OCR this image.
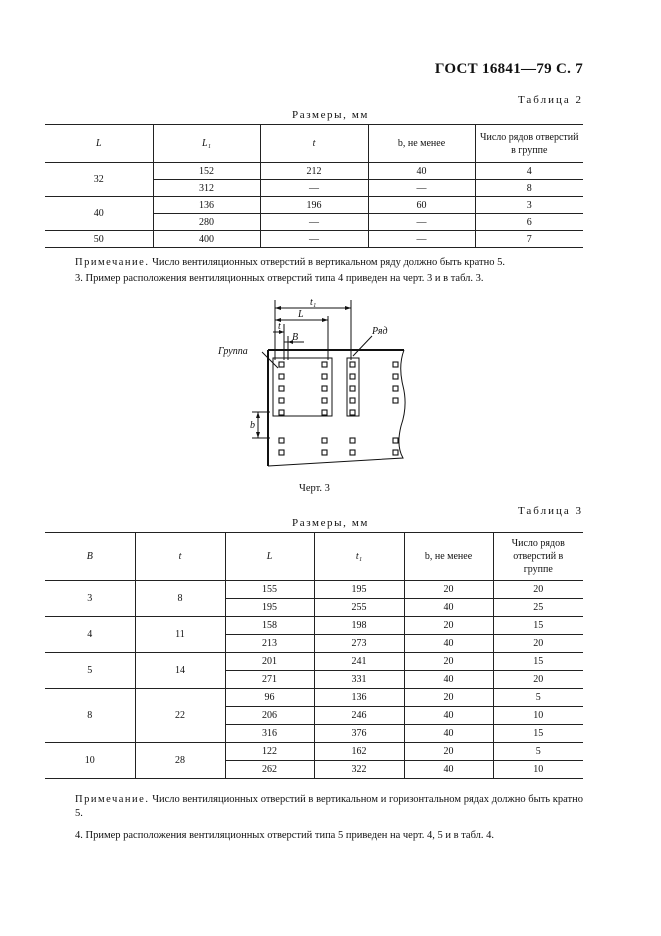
ГОСТ 16841—79 С. 7
Таблица 2
Размеры, мм
L	L₁	t	b, не менее	Число рядов отверстий в группе
32	152	212	40	4
	312	—	—	8
40	136	196	60	3
	280	—	—	6
50	400	—	—	7
Примечание. Число вентиляционных отверстий в вертикальном ряду должно быть кратно 5.
3. Пример расположения вентиляционных отверстий типа 4 приведен на черт. 3 и в табл. 3.
t₁
L
t
B
b
Группа
Ряд
Черт. 3
Таблица 3
Размеры, мм
B	t	L	t₁	b, не менее	Число рядов отверстий в группе
3	8	155	195	20	20
		195	255	40	25
4	11	158	198	20	15
		213	273	40	20
5	14	201	241	20	15
		271	331	40	20
8	22	96	136	20	5
		206	246	40	10
		316	376	40	15
10	28	122	162	20	5
		262	322	40	10
Примечание. Число вентиляционных отверстий в вертикальном и горизонтальном рядах должно быть кратно 5.
4. Пример расположения вентиляционных отверстий типа 5 приведен на черт. 4, 5 и в табл. 4.
